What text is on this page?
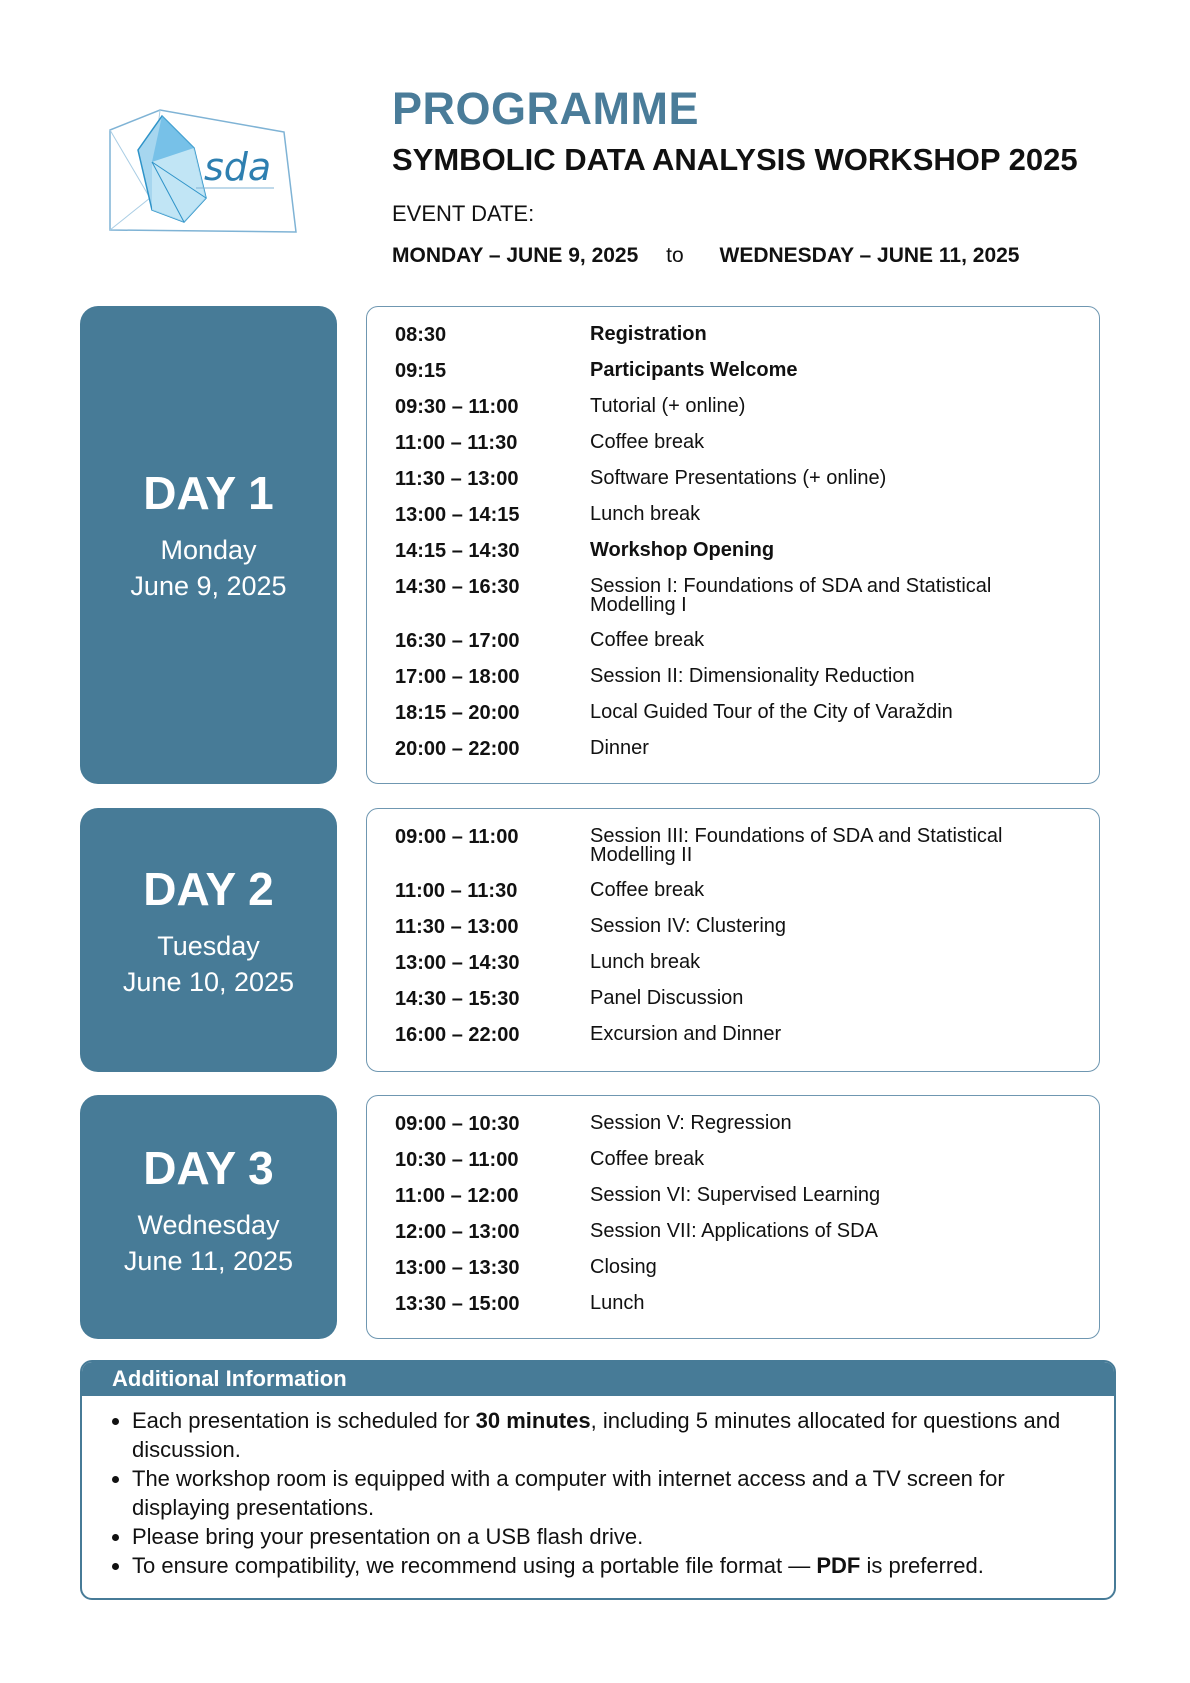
sda
PROGRAMME
SYMBOLIC DATA ANALYSIS WORKSHOP 2025
EVENT DATE:
MONDAY – JUNE 9, 2025 to WEDNESDAY – JUNE 11, 2025
DAY 1
Monday
June 9, 2025
08:30	Registration
09:15	Participants Welcome
09:30 – 11:00	Tutorial (+ online)
11:00 – 11:30	Coffee break
11:30 – 13:00	Software Presentations (+ online)
13:00 – 14:15	Lunch break
14:15 – 14:30	Workshop Opening
14:30 – 16:30	Session I: Foundations of SDA and Statistical Modelling I
16:30 – 17:00	Coffee break
17:00 – 18:00	Session II: Dimensionality Reduction
18:15 – 20:00	Local Guided Tour of the City of Varaždin
20:00 – 22:00	Dinner
DAY 2
Tuesday
June 10, 2025
09:00 – 11:00	Session III: Foundations of SDA and Statistical Modelling II
11:00 – 11:30	Coffee break
11:30 – 13:00	Session IV: Clustering
13:00 – 14:30	Lunch break
14:30 – 15:30	Panel Discussion
16:00 – 22:00	Excursion and Dinner
DAY 3
Wednesday
June 11, 2025
09:00 – 10:30	Session V: Regression
10:30 – 11:00	Coffee break
11:00 – 12:00	Session VI: Supervised Learning
12:00 – 13:00	Session VII: Applications of SDA
13:00 – 13:30	Closing
13:30 – 15:00	Lunch
Additional Information
• Each presentation is scheduled for 30 minutes, including 5 minutes allocated for questions and discussion.
• The workshop room is equipped with a computer with internet access and a TV screen for displaying presentations.
• Please bring your presentation on a USB flash drive.
• To ensure compatibility, we recommend using a portable file format — PDF is preferred.
